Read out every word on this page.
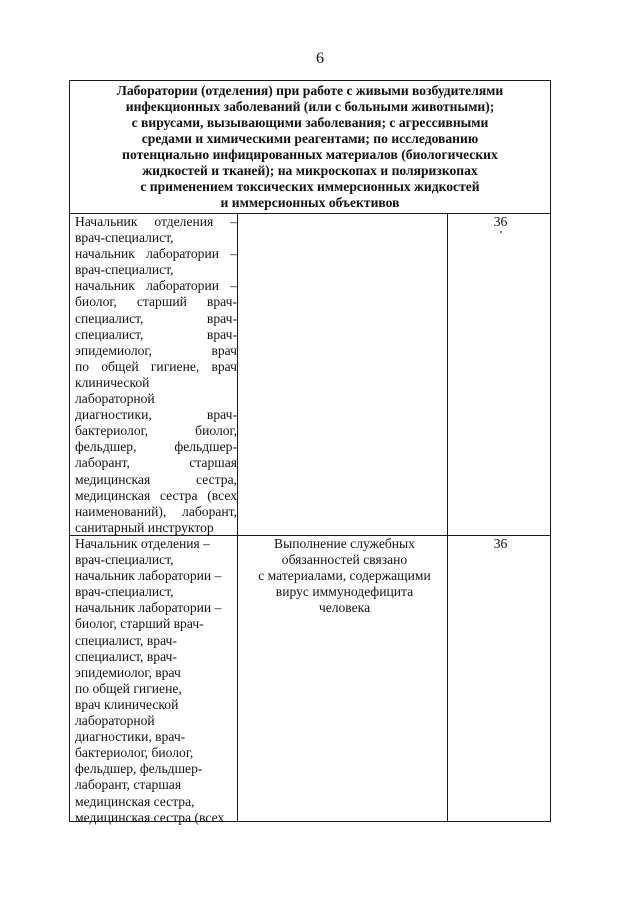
6
Лаборатории (отделения) при работе с живыми возбудителями
инфекционных заболеваний (или с больными животными);
с вирусами, вызывающими заболевания; с агрессивными
средами и химическими реагентами; по исследованию
потенциально инфицированных материалов (биологических
жидкостей и тканей); на микроскопах и поляризкопах
с применением токсических иммерсионных жидкостей
и иммерсионных объективов
Начальник отделения –
врач-специалист,
начальник лаборатории –
врач-специалист,
начальник лаборатории –
биолог, старший врач-
специалист, врач-
специалист, врач-
эпидемиолог, врач
по общей гигиене, врач
клинической
лабораторной
диагностики, врач-
бактериолог, биолог,
фельдшер, фельдшер-
лаборант, старшая
медицинская сестра,
медицинская сестра (всех
наименований), лаборант,
санитарный инструктор
36
Начальник отделения –
врач-специалист,
начальник лаборатории –
врач-специалист,
начальник лаборатории –
биолог, старший врач-
специалист, врач-
специалист, врач-
эпидемиолог, врач
по общей гигиене,
врач клинической
лабораторной
диагностики, врач-
бактериолог, биолог,
фельдшер, фельдшер-
лаборант, старшая
медицинская сестра,
медицинская сестра (всех
Выполнение служебных
обязанностей связано
с материалами, содержащими
вирус иммунодефицита
человека
36
